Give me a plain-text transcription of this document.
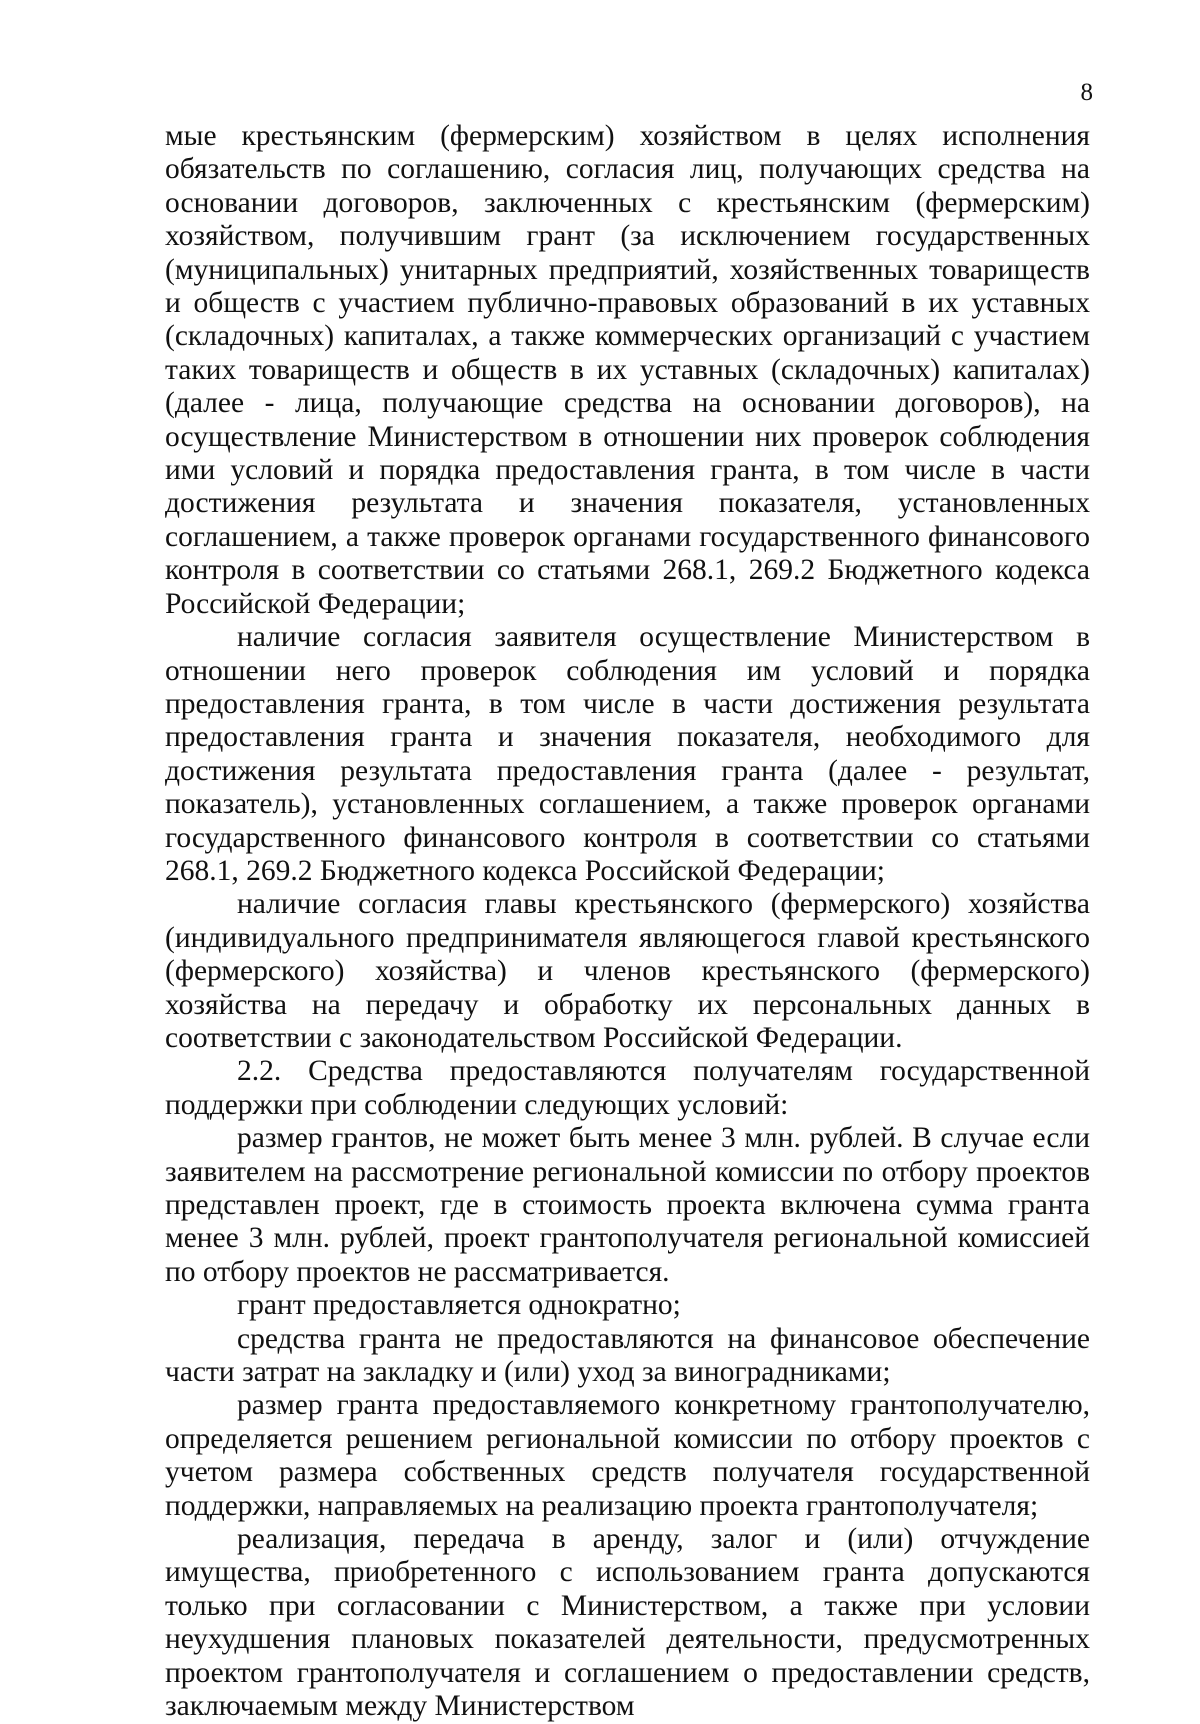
8

мые крестьянским (фермерским) хозяйством в целях исполнения обязательств по соглашению, согласия лиц, получающих средства на основании договоров, заключенных с крестьянским (фермерским) хозяйством, получившим грант (за исключением государственных (муниципальных) унитарных предприятий, хозяйственных товариществ и обществ с участием публично-правовых образований в их уставных (складочных) капиталах, а также коммерческих организаций с участием таких товариществ и обществ в их уставных (складочных) капиталах) (далее - лица, получающие средства на основании договоров), на осуществление Министерством в отношении них проверок соблюдения ими условий и порядка предоставления гранта, в том числе в части достижения результата и значения показателя, установленных соглашением, а также проверок органами государственного финансового контроля в соответствии со статьями 268.1, 269.2 Бюджетного кодекса Российской Федерации;

наличие согласия заявителя осуществление Министерством в отношении него проверок соблюдения им условий и порядка предоставления гранта, в том числе в части достижения результата предоставления гранта и значения показателя, необходимого для достижения результата предоставления гранта (далее - результат, показатель), установленных соглашением, а также проверок органами государственного финансового контроля в соответствии со статьями 268.1, 269.2 Бюджетного кодекса Российской Федерации;

наличие согласия главы крестьянского (фермерского) хозяйства (индивидуального предпринимателя являющегося главой крестьянского (фермерского) хозяйства) и членов крестьянского (фермерского) хозяйства на передачу и обработку их персональных данных в соответствии с законодательством Российской Федерации.

2.2. Средства предоставляются получателям государственной поддержки при соблюдении следующих условий:

размер грантов, не может быть менее 3 млн. рублей. В случае если заявителем на рассмотрение региональной комиссии по отбору проектов представлен проект, где в стоимость проекта включена сумма гранта менее 3 млн. рублей, проект грантополучателя региональной комиссией по отбору проектов не рассматривается.

грант предоставляется однократно;

средства гранта не предоставляются на финансовое обеспечение части затрат на закладку и (или) уход за виноградниками;

размер гранта предоставляемого конкретному грантополучателю, определяется решением региональной комиссии по отбору проектов с учетом размера собственных средств получателя государственной поддержки, направляемых на реализацию проекта грантополучателя;

реализация, передача в аренду, залог и (или) отчуждение имущества, приобретенного с использованием гранта допускаются только при согласовании с Министерством, а также при условии неухудшения плановых показателей деятельности, предусмотренных проектом грантополучателя и соглашением о предоставлении средств, заключаемым между Министерством
